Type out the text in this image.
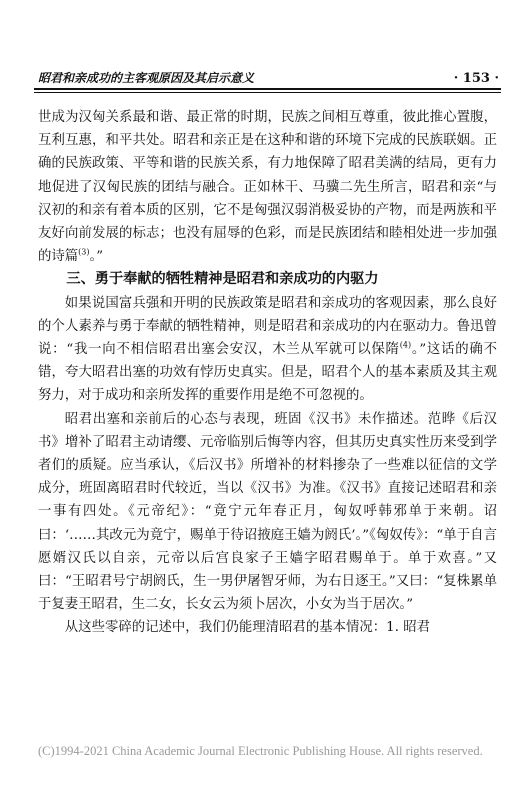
昭君和亲成功的主客观原因及其启示意义	· 153 ·

世成为汉匈关系最和谐、最正常的时期，民族之间相互尊重，彼此推心置腹，互利互惠，和平共处。昭君和亲正是在这种和谐的环境下完成的民族联姻。正确的民族政策、平等和谐的民族关系，有力地保障了昭君美满的结局，更有力地促进了汉匈民族的团结与融合。正如林干、马骥二先生所言，昭君和亲“与汉初的和亲有着本质的区别，它不是匈强汉弱消极妥协的产物，而是两族和平友好向前发展的标志；也没有屈辱的色彩，而是民族团结和睦相处进一步加强的诗篇$^{(3)}$。”

三、勇于奉献的牺牲精神是昭君和亲成功的内驱力

如果说国富兵强和开明的民族政策是昭君和亲成功的客观因素，那么良好的个人素养与勇于奉献的牺牲精神，则是昭君和亲成功的内在驱动力。鲁迅曾说：“我一向不相信昭君出塞会安汉，木兰从军就可以保隋$^{(4)}$。”这话的确不错，夸大昭君出塞的功效有悖历史真实。但是，昭君个人的基本素质及其主观努力，对于成功和亲所发挥的重要作用是绝不可忽视的。

昭君出塞和亲前后的心态与表现，班固《汉书》未作描述。范晔《后汉书》增补了昭君主动请缨、元帝临别后悔等内容，但其历史真实性历来受到学者们的质疑。应当承认，《后汉书》所增补的材料掺杂了一些难以征信的文学成分，班固离昭君时代较近，当以《汉书》为准。《汉书》直接记述昭君和亲一事有四处。《元帝纪》：“竟宁元年春正月，匈奴呼韩邪单于来朝。诏曰：‘……其改元为竟宁，赐单于待诏掖庭王嫱为阏氏’。”《匈奴传》：“单于自言愿婿汉氏以自亲，元帝以后宫良家子王嫱字昭君赐单于。单于欢喜。”又曰：“王昭君号宁胡阏氏，生一男伊屠智牙师，为右日逐王。”又曰：“复株累单于复妻王昭君，生二女，长女云为须卜居次，小女为当于居次。”

从这些零碎的记述中，我们仍能理清昭君的基本情况：1. 昭君

(C)1994-2021 China Academic Journal Electronic Publishing House. All rights reserved.
